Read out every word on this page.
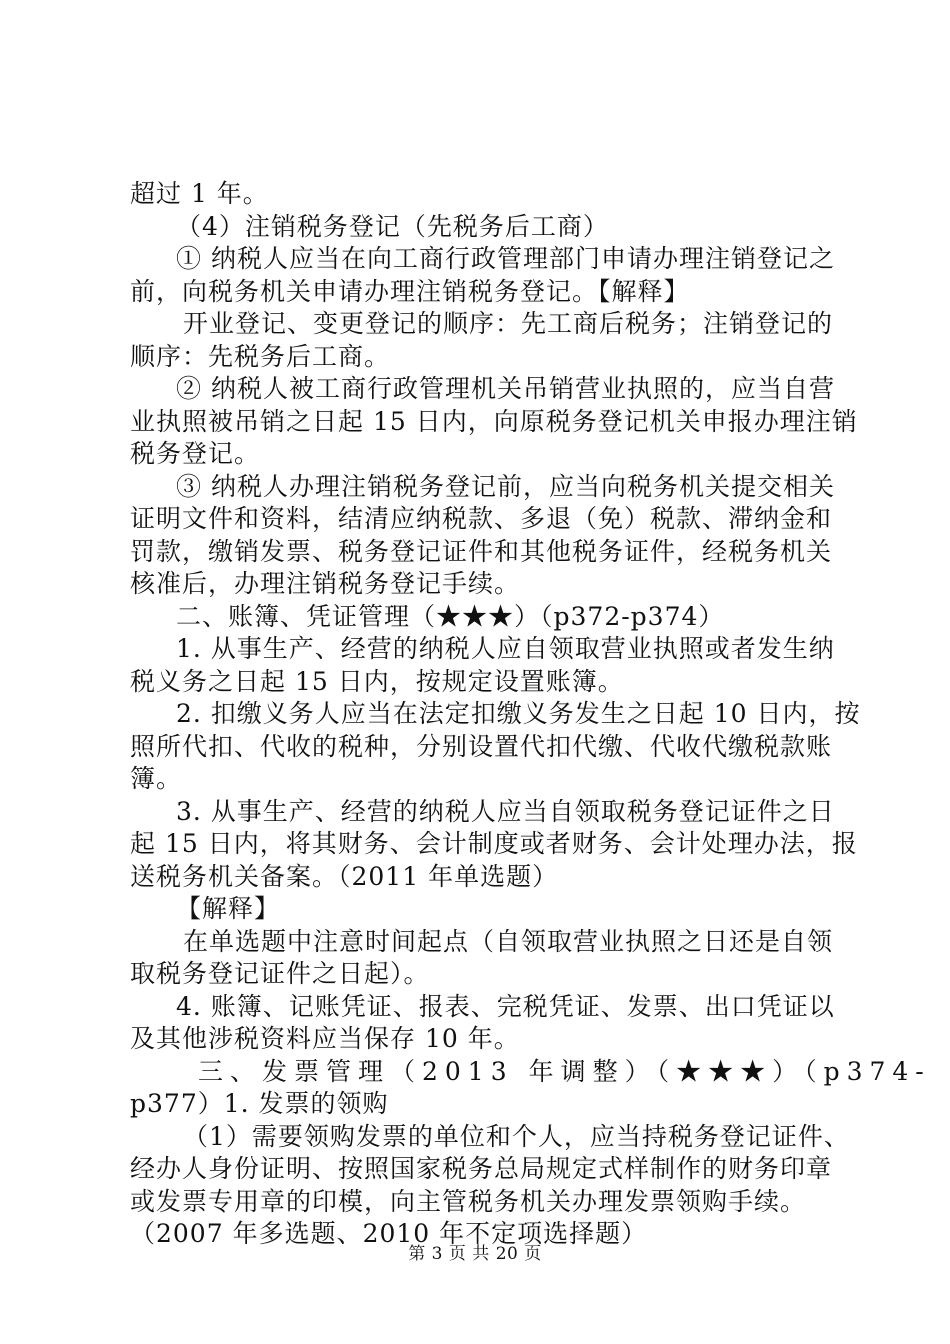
超过 1 年。
（4）注销税务登记（先税务后工商）
① 纳税人应当在向工商行政管理部门申请办理注销登记之
前，向税务机关申请办理注销税务登记。【解释】
开业登记、变更登记的顺序：先工商后税务；注销登记的
顺序：先税务后工商。
② 纳税人被工商行政管理机关吊销营业执照的，应当自营
业执照被吊销之日起 15 日内，向原税务登记机关申报办理注销
税务登记。
③ 纳税人办理注销税务登记前，应当向税务机关提交相关
证明文件和资料，结清应纳税款、多退（免）税款、滞纳金和
罚款，缴销发票、税务登记证件和其他税务证件，经税务机关
核准后，办理注销税务登记手续。
二、账簿、凭证管理（★★★）（p372-p374）
1. 从事生产、经营的纳税人应自领取营业执照或者发生纳
税义务之日起 15 日内，按规定设置账簿。
2. 扣缴义务人应当在法定扣缴义务发生之日起 10 日内，按
照所代扣、代收的税种，分别设置代扣代缴、代收代缴税款账
簿。
3. 从事生产、经营的纳税人应当自领取税务登记证件之日
起 15 日内，将其财务、会计制度或者财务、会计处理办法，报
送税务机关备案。（2011 年单选题）
【解释】
在单选题中注意时间起点（自领取营业执照之日还是自领
取税务登记证件之日起）。
4. 账簿、记账凭证、报表、完税凭证、发票、出口凭证以
及其他涉税资料应当保存 10 年。
三、发票管理（2013 年调整）（★★★）（p374-
p377）1. 发票的领购
（1）需要领购发票的单位和个人，应当持税务登记证件、
经办人身份证明、按照国家税务总局规定式样制作的财务印章
或发票专用章的印模，向主管税务机关办理发票领购手续。
（2007 年多选题、2010 年不定项选择题）
第 3 页 共 20 页
